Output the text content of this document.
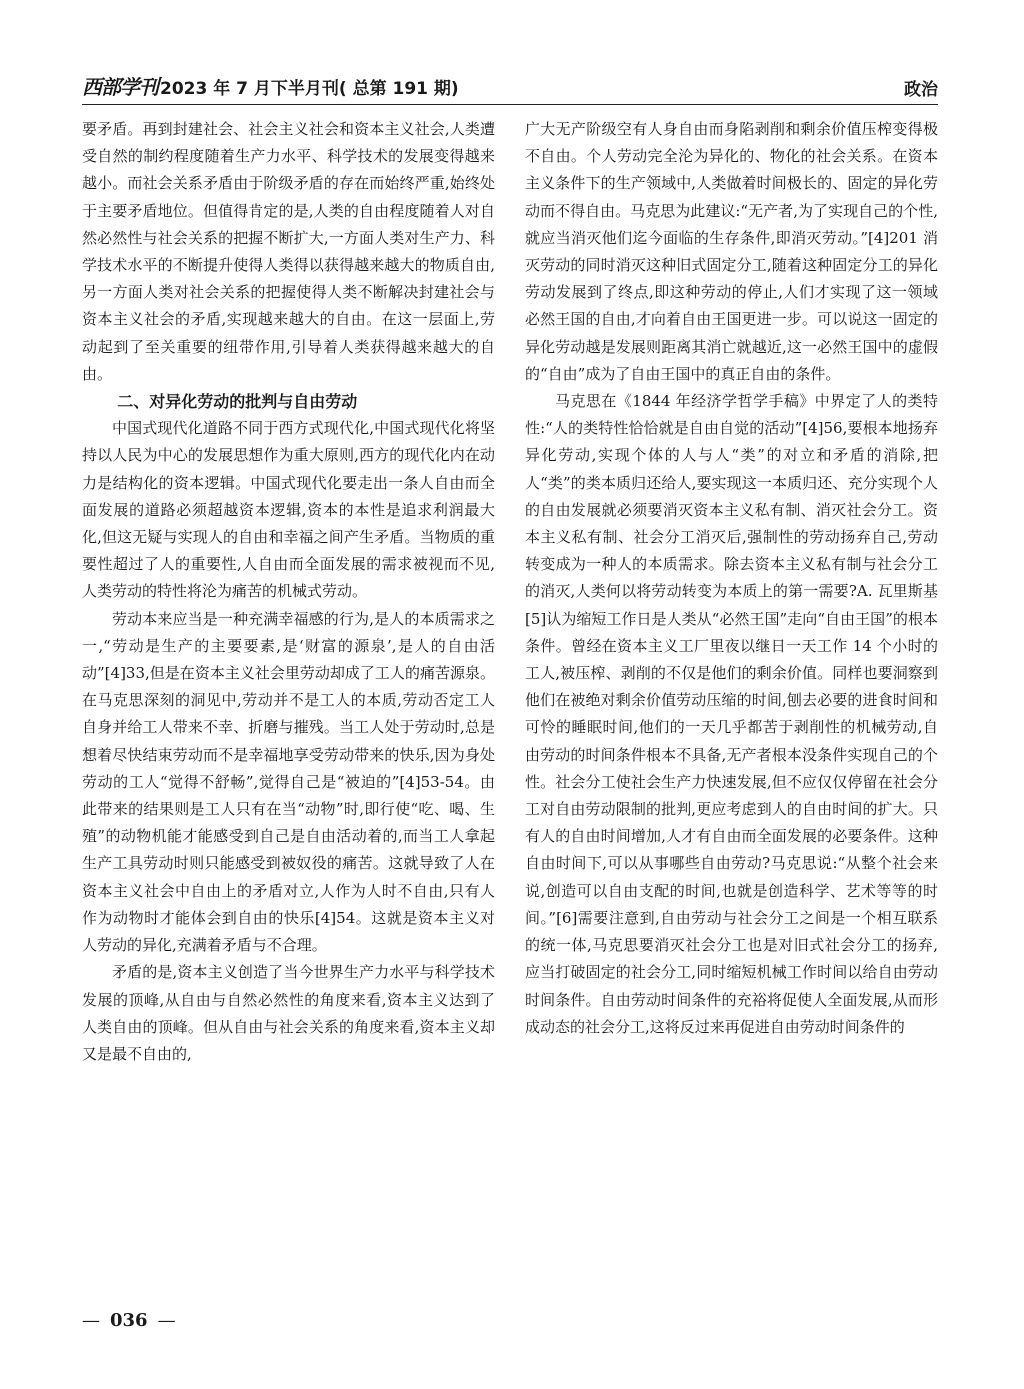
西部学刊 2023 年 7 月下半月刊( 总第 191 期)	政治

要矛盾。再到封建社会、社会主义社会和资本主义社会,人类遭受自然的制约程度随着生产力水平、科学技术的发展变得越来越小。而社会关系矛盾由于阶级矛盾的存在而始终严重,始终处于主要矛盾地位。但值得肯定的是,人类的自由程度随着人对自然必然性与社会关系的把握不断扩大,一方面人类对生产力、科学技术水平的不断提升使得人类得以获得越来越大的物质自由,另一方面人类对社会关系的把握使得人类不断解决封建社会与资本主义社会的矛盾,实现越来越大的自由。在这一层面上,劳动起到了至关重要的纽带作用,引导着人类获得越来越大的自由。

二、对异化劳动的批判与自由劳动

中国式现代化道路不同于西方式现代化,中国式现代化将坚持以人民为中心的发展思想作为重大原则,西方的现代化内在动力是结构化的资本逻辑。中国式现代化要走出一条人自由而全面发展的道路必须超越资本逻辑,资本的本性是追求利润最大化,但这无疑与实现人的自由和幸福之间产生矛盾。当物质的重要性超过了人的重要性,人自由而全面发展的需求被视而不见,人类劳动的特性将沦为痛苦的机械式劳动。

劳动本来应当是一种充满幸福感的行为,是人的本质需求之一,“劳动是生产的主要要素,是‘财富的源泉’,是人的自由活动”[4]33,但是在资本主义社会里劳动却成了工人的痛苦源泉。在马克思深刻的洞见中,劳动并不是工人的本质,劳动否定工人自身并给工人带来不幸、折磨与摧残。当工人处于劳动时,总是想着尽快结束劳动而不是幸福地享受劳动带来的快乐,因为身处劳动的工人“觉得不舒畅”,觉得自己是“被迫的”[4]53-54。由此带来的结果则是工人只有在当“动物”时,即行使“吃、喝、生殖”的动物机能才能感受到自己是自由活动着的,而当工人拿起生产工具劳动时则只能感受到被奴役的痛苦。这就导致了人在资本主义社会中自由上的矛盾对立,人作为人时不自由,只有人作为动物时才能体会到自由的快乐[4]54。这就是资本主义对人劳动的异化,充满着矛盾与不合理。

矛盾的是,资本主义创造了当今世界生产力水平与科学技术发展的顶峰,从自由与自然必然性的角度来看,资本主义达到了人类自由的顶峰。但从自由与社会关系的角度来看,资本主义却又是最不自由的,

广大无产阶级空有人身自由而身陷剥削和剩余价值压榨变得极不自由。个人劳动完全沦为异化的、物化的社会关系。在资本主义条件下的生产领域中,人类做着时间极长的、固定的异化劳动而不得自由。马克思为此建议:“无产者,为了实现自己的个性,就应当消灭他们迄今面临的生存条件,即消灭劳动。”[4]201 消灭劳动的同时消灭这种旧式固定分工,随着这种固定分工的异化劳动发展到了终点,即这种劳动的停止,人们才实现了这一领域必然王国的自由,才向着自由王国更进一步。可以说这一固定的异化劳动越是发展则距离其消亡就越近,这一必然王国中的虚假的“自由”成为了自由王国中的真正自由的条件。

马克思在《1844 年经济学哲学手稿》中界定了人的类特性:“人的类特性恰恰就是自由自觉的活动”[4]56,要根本地扬弃异化劳动,实现个体的人与人“类”的对立和矛盾的消除,把人“类”的类本质归还给人,要实现这一本质归还、充分实现个人的自由发展就必须要消灭资本主义私有制、消灭社会分工。资本主义私有制、社会分工消灭后,强制性的劳动扬弃自己,劳动转变成为一种人的本质需求。除去资本主义私有制与社会分工的消灭,人类何以将劳动转变为本质上的第一需要?A. 瓦里斯基[5]认为缩短工作日是人类从“必然王国”走向“自由王国”的根本条件。曾经在资本主义工厂里夜以继日一天工作 14 个小时的工人,被压榨、剥削的不仅是他们的剩余价值。同样也要洞察到他们在被绝对剩余价值劳动压缩的时间,刨去必要的进食时间和可怜的睡眠时间,他们的一天几乎都苦于剥削性的机械劳动,自由劳动的时间条件根本不具备,无产者根本没条件实现自己的个性。社会分工使社会生产力快速发展,但不应仅仅停留在社会分工对自由劳动限制的批判,更应考虑到人的自由时间的扩大。只有人的自由时间增加,人才有自由而全面发展的必要条件。这种自由时间下,可以从事哪些自由劳动?马克思说:“从整个社会来说,创造可以自由支配的时间,也就是创造科学、艺术等等的时间。”[6]需要注意到,自由劳动与社会分工之间是一个相互联系的统一体,马克思要消灭社会分工也是对旧式社会分工的扬弃,应当打破固定的社会分工,同时缩短机械工作时间以给自由劳动时间条件。自由劳动时间条件的充裕将促使人全面发展,从而形成动态的社会分工,这将反过来再促进自由劳动时间条件的

— 036 —
